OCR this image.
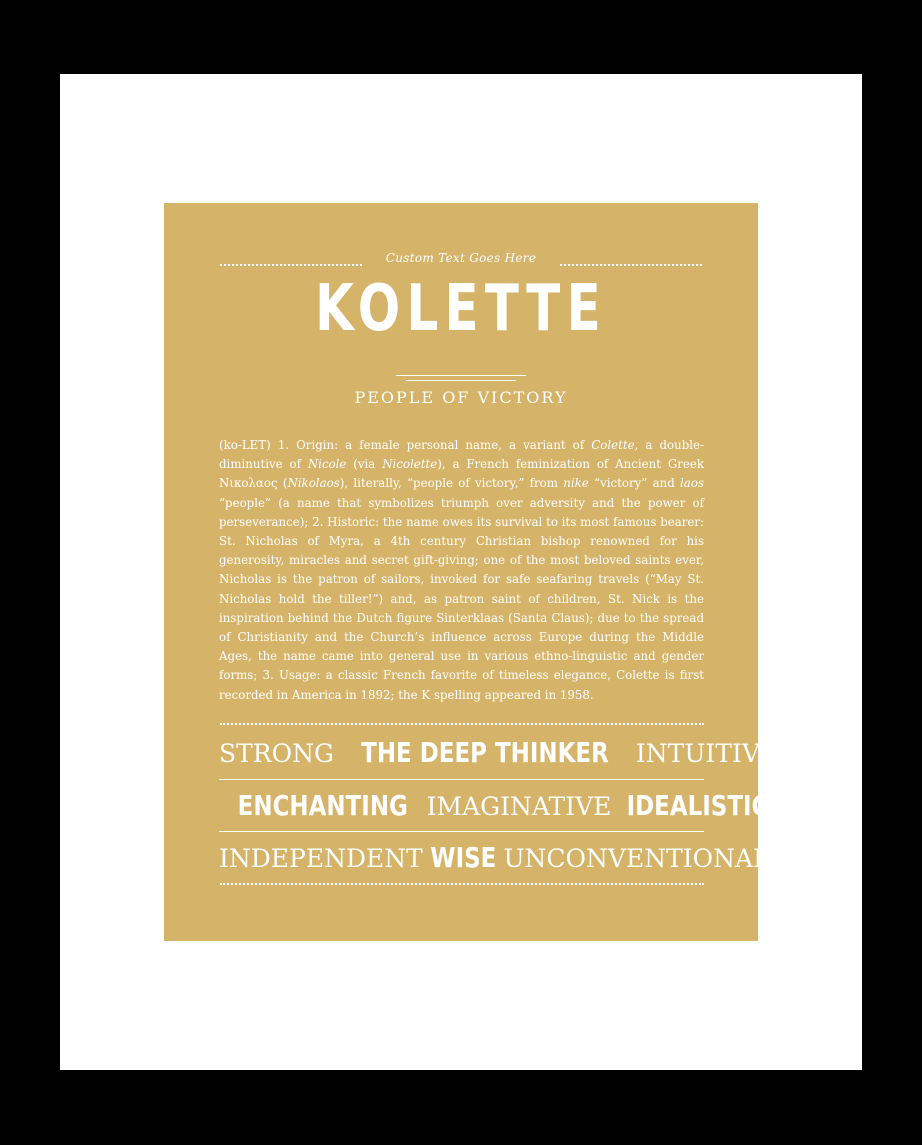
Custom Text Goes Here
KOLETTE
PEOPLE OF VICTORY
(ko-LET) 1. Origin: a female personal name, a variant of Colette, a double-diminutive of Nicole (via Nicolette), a French feminization of Ancient Greek Νικολαος (Nikolaos), literally, “people of victory,” from nike “victory” and laos “people” (a name that symbolizes triumph over adversity and the power of perseverance); 2. Historic: the name owes its survival to its most famous bearer: St. Nicholas of Myra, a 4th century Christian bishop renowned for his generosity, miracles and secret gift-giving; one of the most beloved saints ever, Nicholas is the patron of sailors, invoked for safe seafaring travels (“May St. Nicholas hold the tiller!”) and, as patron saint of children, St. Nick is the inspiration behind the Dutch figure Sinterklaas (Santa Claus); due to the spread of Christianity and the Church’s influence across Europe during the Middle Ages, the name came into general use in various ethno-linguistic and gender forms; 3. Usage: a classic French favorite of timeless elegance, Colette is first recorded in America in 1892; the K spelling appeared in 1958.
STRONG THE DEEP THINKER INTUITIVE
ENCHANTING IMAGINATIVE IDEALISTIC
INDEPENDENT WISE UNCONVENTIONAL
